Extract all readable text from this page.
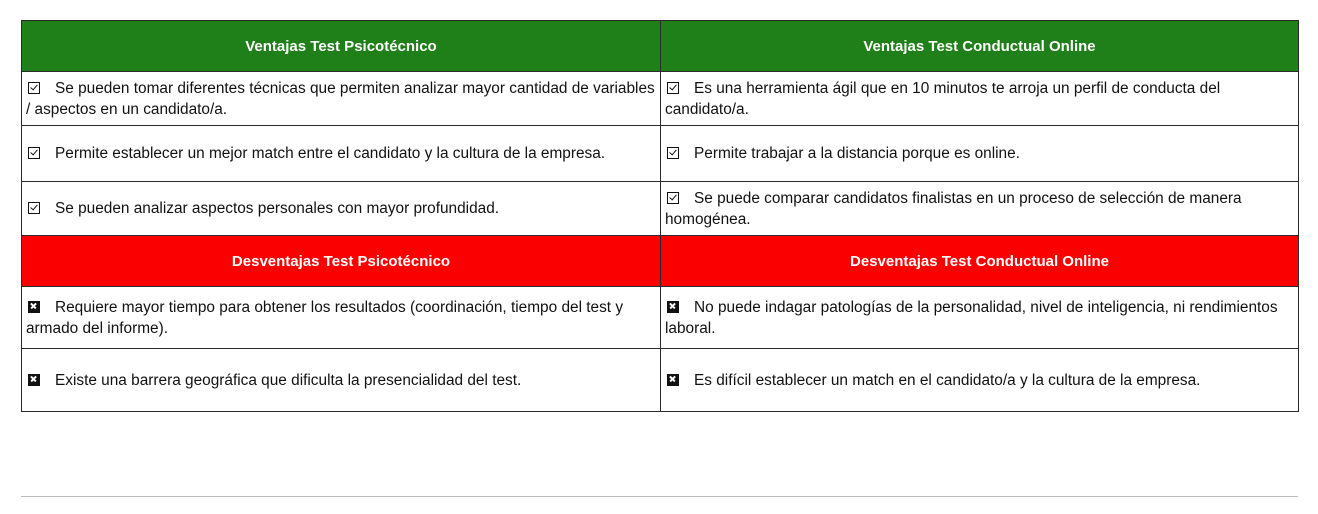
Ventajas Test Psicotécnico	Ventajas Test Conductual Online
Se pueden tomar diferentes técnicas que permiten analizar mayor cantidad de variables / aspectos en un candidato/a.	Es una herramienta ágil que en 10 minutos te arroja un perfil de conducta del candidato/a.
Permite establecer un mejor match entre el candidato y la cultura de la empresa.	Permite trabajar a la distancia porque es online.
Se pueden analizar aspectos personales con mayor profundidad.	Se puede comparar candidatos finalistas en un proceso de selección de manera homogénea.
Desventajas Test Psicotécnico	Desventajas Test Conductual Online
Requiere mayor tiempo para obtener los resultados (coordinación, tiempo del test y armado del informe).	No puede indagar patologías de la personalidad, nivel de inteligencia, ni rendimientos laboral.
Existe una barrera geográfica que dificulta la presencialidad del test.	Es difícil establecer un match en el candidato/a y la cultura de la empresa.
